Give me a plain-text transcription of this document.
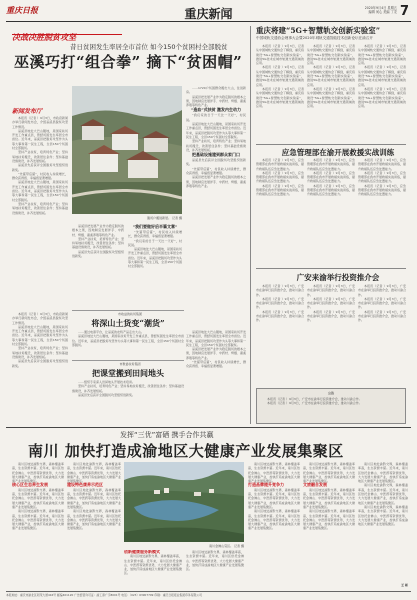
重庆日报	重庆新闻	2020年9月4日 星期五
编辑 何心 美编 丁龙 7
决战决胜脱贫攻坚
昔日贫困发生率居全市首位 如今150个贫困村全部脱贫
巫溪巧打“组合拳” 摘下“贫困帽”
新闻发布厅

本报讯（记者 ）9月3日，市政府新闻办举行新闻发布会，介绍巫溪县脱贫攻坚工作情况。

巫溪县地处大巴山腹地，是国家扶贫开发工作重点县，曾经贫困发生率居全市首位。近年来，巫溪县把脱贫攻坚作为头等大事和第一民生工程，全县150个贫困村全部脱贫。

坚持产业扶贫，培育特色产业；坚持易地扶贫搬迁，改善居住条件；坚持基础设施建设，补齐发展短板。

巫溪县先后获评全国脱贫攻坚组织创新奖。

“先富带后富”，村民收入持续增长，群众获得感、幸福感显著增强。

巫溪县地处大巴山腹地，是国家扶贫开发工作重点县，曾经贫困发生率居全市首位。近年来，巫溪县把脱贫攻坚作为头等大事和第一民生工程，全县150个贫困村全部脱贫。

坚持产业扶贫，培育特色产业；坚持易地扶贫搬迁，改善居住条件；坚持基础设施建设，补齐发展短板。

脱贫户搬进新居。 记者 摄

……1720户贫困群众搬出大山，住进新房。

巫溪县把发展产业作为稳定脱贫的根本之策，因地制宜发展洋芋、中药材、烤烟、畜禽养殖等特色产业。

“造血”式扶贫 激发内生动力

“我们家的日子一天比一天好”，村民说。

巫溪县地处大巴山腹地，是国家扶贫开发工作重点县，曾经贫困发生率居全市首位。近年来，巫溪县把脱贫攻坚作为头等大事和第一民生工程，全县150个贫困村全部脱贫。

坚持产业扶贫，培育特色产业；坚持易地扶贫搬迁，改善居住条件；坚持基础设施建设，补齐发展短板。

把基础设施建到群众家门口

巫溪县先后获评全国脱贫攻坚组织创新奖。

“先富带后富”，村民收入持续增长，群众获得感、幸福感显著增强。

巫溪县把发展产业作为稳定脱贫的根本之策，因地制宜发展洋芋、中药材、烤烟、畜禽养殖等特色产业。

巫溪县把发展产业作为稳定脱贫的根本之策，因地制宜发展洋芋、中药材、烤烟、畜禽养殖等特色产业。

坚持产业扶贫，培育特色产业；坚持易地扶贫搬迁，改善居住条件；坚持基础设施建设，补齐发展短板。

巫溪县先后获评全国脱贫攻坚组织创新奖。

“我们要做好后半篇文章”

“先富带后富”，村民收入持续增长，群众获得感、幸福感显著增强。

“我们家的日子一天比一天好”，村民说。

巫溪县地处大巴山腹地，是国家扶贫开发工作重点县，曾经贫困发生率居全市首位。近年来，巫溪县把脱贫攻坚作为头等大事和第一民生工程，全县150个贫困村全部脱贫。

市收益的扶贫集团
将深山土货变“潮货”

本报讯（记者 ）9月3日，市政府新闻办举行新闻发布会，介绍巫溪县脱贫攻坚工作情况。

巫溪县地处大巴山腹地，是国家扶贫开发工作重点县，曾经贫困发生率居全市首位。近年来，巫溪县把脱贫攻坚作为头等大事和第一民生工程，全县150个贫困村全部脱贫。

坚持产业扶贫，培育特色产业；坚持易地扶贫搬迁，改善居住条件；坚持基础设施建设，补齐发展短板。

巫溪县先后获评全国脱贫攻坚组织创新奖。

……通过电商平台，让巫溪的农特产品走出大山。

巫溪县地处大巴山腹地，是国家扶贫开发工作重点县，曾经贫困发生率居全市首位。近年来，巫溪县把脱贫攻坚作为头等大事和第一民生工程，全县150个贫困村全部脱贫。

市教委扶贫集团
把课堂搬到田间地头

……组织专家深入田间地头开展技术培训。

坚持产业扶贫，培育特色产业；坚持易地扶贫搬迁，改善居住条件；坚持基础设施建设，补齐发展短板。

巫溪县先后获评全国脱贫攻坚组织创新奖。

巫溪县地处大巴山腹地，是国家扶贫开发工作重点县，曾经贫困发生率居全市首位。近年来，巫溪县把脱贫攻坚作为头等大事和第一民生工程，全县150个贫困村全部脱贫。

巫溪县把发展产业作为稳定脱贫的根本之策，因地制宜发展洋芋、中药材、烤烟、畜禽养殖等特色产业。

“先富带后富”，村民收入持续增长，群众获得感、幸福感显著增强。

重庆将建“5G+智慧轨交创新实验室”
中国城轨交通协会理事大会暨2020年城轨交通智能技术创新论坛在渝召开

本报讯（记者 ）9月3日，记者从中国城轨交通协会了解到，重庆将建设“5G+智慧轨交创新实验室”，推进5G技术在城市轨道交通领域的应用。

本报讯（记者 ）9月3日，记者从中国城轨交通协会了解到，重庆将建设“5G+智慧轨交创新实验室”，推进5G技术在城市轨道交通领域的应用。

本报讯（记者 ）9月3日，记者从中国城轨交通协会了解到，重庆将建设“5G+智慧轨交创新实验室”，推进5G技术在城市轨道交通领域的应用。

本报讯（记者 ）9月3日，记者从中国城轨交通协会了解到，重庆将建设“5G+智慧轨交创新实验室”，推进5G技术在城市轨道交通领域的应用。

本报讯（记者 ）9月3日，记者从中国城轨交通协会了解到，重庆将建设“5G+智慧轨交创新实验室”，推进5G技术在城市轨道交通领域的应用。

本报讯（记者 ）9月3日，记者从中国城轨交通协会了解到，重庆将建设“5G+智慧轨交创新实验室”，推进5G技术在城市轨道交通领域的应用。

本报讯（记者 ）9月3日，记者从中国城轨交通协会了解到，重庆将建设“5G+智慧轨交创新实验室”，推进5G技术在城市轨道交通领域的应用。

本报讯（记者 ）9月3日，记者从中国城轨交通协会了解到，重庆将建设“5G+智慧轨交创新实验室”，推进5G技术在城市轨道交通领域的应用。

本报讯（记者 ）9月3日，记者从中国城轨交通协会了解到，重庆将建设“5G+智慧轨交创新实验室”，推进5G技术在城市轨道交通领域的应用。

应急管理部在渝开展救援实战训练

本报讯（记者 ）9月3日，应急管理部在我市开展救援实战训练，提升救援队伍应急处置能力。

本报讯（记者 ）9月3日，应急管理部在我市开展救援实战训练，提升救援队伍应急处置能力。

本报讯（记者 ）9月3日，应急管理部在我市开展救援实战训练，提升救援队伍应急处置能力。

本报讯（记者 ）9月3日，应急管理部在我市开展救援实战训练，提升救援队伍应急处置能力。

本报讯（记者 ）9月3日，应急管理部在我市开展救援实战训练，提升救援队伍应急处置能力。

本报讯（记者 ）9月3日，应急管理部在我市开展救援实战训练，提升救援队伍应急处置能力。

本报讯（记者 ）9月3日，应急管理部在我市开展救援实战训练，提升救援队伍应急处置能力。

本报讯（记者 ）9月3日，应急管理部在我市开展救援实战训练，提升救援队伍应急处置能力。

本报讯（记者 ）9月3日，应急管理部在我市开展救援实战训练，提升救援队伍应急处置能力。

广安来渝举行投资推介会

本报讯（记者 ）9月3日，广安市在渝举行投资推介会，推动川渝合作。

本报讯（记者 ）9月3日，广安市在渝举行投资推介会，推动川渝合作。

本报讯（记者 ）9月3日，广安市在渝举行投资推介会，推动川渝合作。

本报讯（记者 ）9月3日，广安市在渝举行投资推介会，推动川渝合作。

本报讯（记者 ）9月3日，广安市在渝举行投资推介会，推动川渝合作。

本报讯（记者 ）9月3日，广安市在渝举行投资推介会，推动川渝合作。

本报讯（记者 ）9月3日，广安市在渝举行投资推介会，推动川渝合作。

本报讯（记者 ）9月3日，广安市在渝举行投资推介会，推动川渝合作。

本报讯（记者 ）9月3日，广安市在渝举行投资推介会，推动川渝合作。

公告

本报讯（记者 ）9月3日，广安市在渝举行投资推介会，推动川渝合作。

本报讯（记者 ）9月3日，广安市在渝举行投资推介会，推动川渝合作。

发挥“三优”富硒 携手合作共赢
南川 加快打造成渝地区大健康产业发展集聚区

南川区地处渝黔交界，森林覆盖率高，生态资源丰富。近年来，南川区依托金佛山、中医药等资源优势，大力发展大健康产业，加快打造成渝地区大健康产业发展集聚区。

核心区生态养生发展

南川区地处渝黔交界，森林覆盖率高，生态资源丰富。近年来，南川区依托金佛山、中医药等资源优势，大力发展大健康产业，加快打造成渝地区大健康产业发展集聚区。

南川区地处渝黔交界，森林覆盖率高，生态资源丰富。近年来，南川区依托金佛山、中医药等资源优势，大力发展大健康产业，加快打造成渝地区大健康产业发展集聚区。

南川区地处渝黔交界，森林覆盖率高，生态资源丰富。近年来，南川区依托金佛山、中医药等资源优势，大力发展大健康产业，加快打造成渝地区大健康产业发展集聚区。

建设特色康养示范区

南川区地处渝黔交界，森林覆盖率高，生态资源丰富。近年来，南川区依托金佛山、中医药等资源优势，大力发展大健康产业，加快打造成渝地区大健康产业发展集聚区。

南川区地处渝黔交界，森林覆盖率高，生态资源丰富。近年来，南川区依托金佛山、中医药等资源优势，大力发展大健康产业，加快打造成渝地区大健康产业发展集聚区。

南川金佛山景区。 记者 摄
创新健康服务新模式

南川区地处渝黔交界，森林覆盖率高，生态资源丰富。近年来，南川区依托金佛山、中医药等资源优势，大力发展大健康产业，加快打造成渝地区大健康产业发展集聚区。

南川区地处渝黔交界，森林覆盖率高，生态资源丰富。近年来，南川区依托金佛山、中医药等资源优势，大力发展大健康产业，加快打造成渝地区大健康产业发展集聚区。

南川区地处渝黔交界，森林覆盖率高，生态资源丰富。近年来，南川区依托金佛山、中医药等资源优势，大力发展大健康产业，加快打造成渝地区大健康产业发展集聚区。

打造品牌提升竞争力

南川区地处渝黔交界，森林覆盖率高，生态资源丰富。近年来，南川区依托金佛山、中医药等资源优势，大力发展大健康产业，加快打造成渝地区大健康产业发展集聚区。

南川区地处渝黔交界，森林覆盖率高，生态资源丰富。近年来，南川区依托金佛山、中医药等资源优势，大力发展大健康产业，加快打造成渝地区大健康产业发展集聚区。

南川区地处渝黔交界，森林覆盖率高，生态资源丰富。近年来，南川区依托金佛山、中医药等资源优势，大力发展大健康产业，加快打造成渝地区大健康产业发展集聚区。

文旅融合发展

南川区地处渝黔交界，森林覆盖率高，生态资源丰富。近年来，南川区依托金佛山、中医药等资源优势，大力发展大健康产业，加快打造成渝地区大健康产业发展集聚区。

南川区地处渝黔交界，森林覆盖率高，生态资源丰富。近年来，南川区依托金佛山、中医药等资源优势，大力发展大健康产业，加快打造成渝地区大健康产业发展集聚区。

南川区地处渝黔交界，森林覆盖率高，生态资源丰富。近年来，南川区依托金佛山、中医药等资源优势，大力发展大健康产业，加快打造成渝地区大健康产业发展集聚区。

南川区地处渝黔交界，森林覆盖率高，生态资源丰富。近年来，南川区依托金佛山、中医药等资源优势，大力发展大健康产业，加快打造成渝地区大健康产业发展集聚区。

南川区地处渝黔交界，森林覆盖率高，生态资源丰富。近年来，南川区依托金佛山、中医药等资源优势，大力发展大健康产业，加快打造成渝地区大健康产业发展集聚区。

王 彬
本报地址：重庆市渝北区同茂大道416号 邮编401120 广告经营许可证：渝工商广字8001号 电话：（023）63907799 印刷：重庆日报报业集团印务有限公司
